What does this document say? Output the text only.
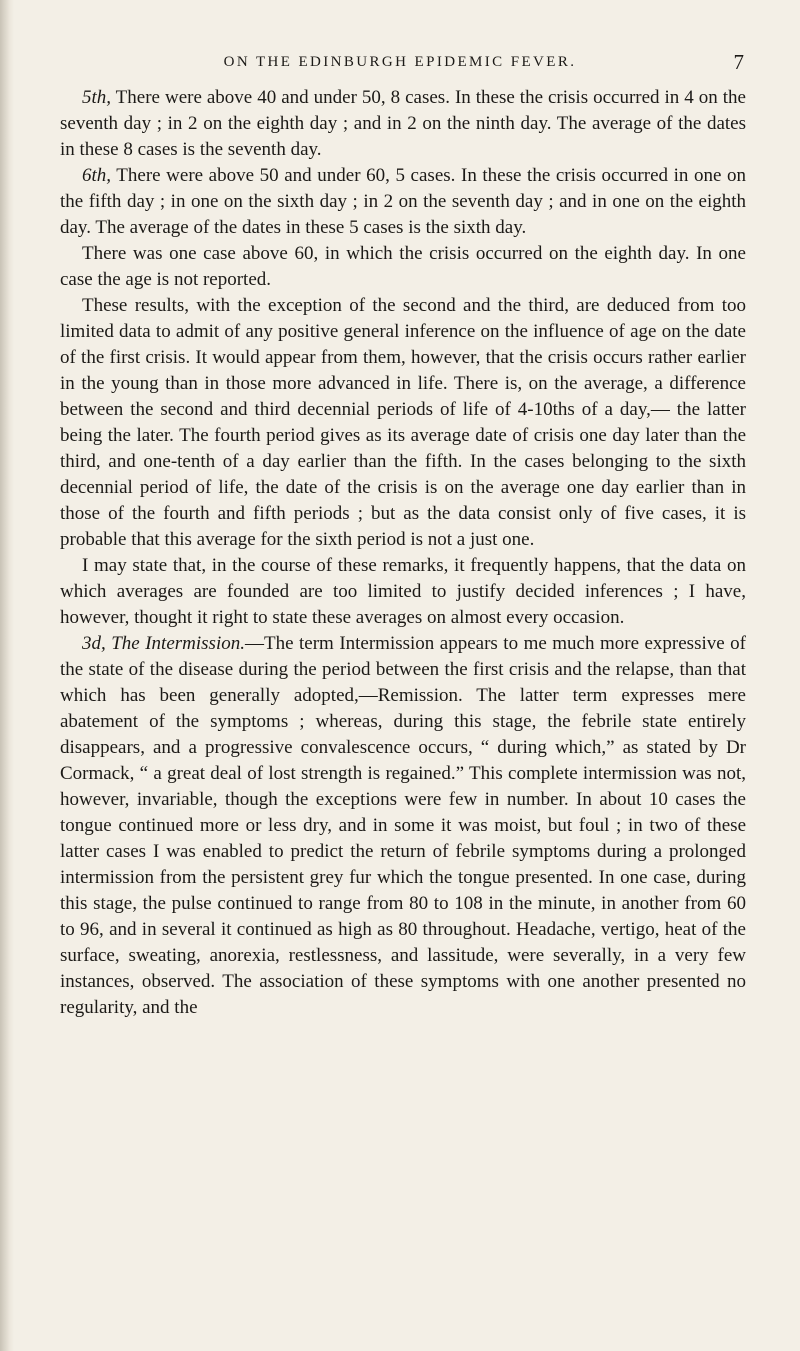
ON THE EDINBURGH EPIDEMIC FEVER.	7

5th, There were above 40 and under 50, 8 cases. In these the crisis occurred in 4 on the seventh day ; in 2 on the eighth day ; and in 2 on the ninth day. The average of the dates in these 8 cases is the seventh day.

6th, There were above 50 and under 60, 5 cases. In these the crisis occurred in one on the fifth day ; in one on the sixth day ; in 2 on the seventh day ; and in one on the eighth day. The average of the dates in these 5 cases is the sixth day.

There was one case above 60, in which the crisis occurred on the eighth day. In one case the age is not reported.

These results, with the exception of the second and the third, are deduced from too limited data to admit of any positive general inference on the influence of age on the date of the first crisis. It would appear from them, however, that the crisis occurs rather earlier in the young than in those more advanced in life. There is, on the average, a difference between the second and third decennial periods of life of 4-10ths of a day,— the latter being the later. The fourth period gives as its average date of crisis one day later than the third, and one-tenth of a day earlier than the fifth. In the cases belonging to the sixth decennial period of life, the date of the crisis is on the average one day earlier than in those of the fourth and fifth periods ; but as the data consist only of five cases, it is probable that this average for the sixth period is not a just one.

I may state that, in the course of these remarks, it frequently happens, that the data on which averages are founded are too limited to justify decided inferences ; I have, however, thought it right to state these averages on almost every occasion.

3d, The Intermission.—The term Intermission appears to me much more expressive of the state of the disease during the period between the first crisis and the relapse, than that which has been generally adopted,—Remission. The latter term expresses mere abatement of the symptoms ; whereas, during this stage, the febrile state entirely disappears, and a progressive convalescence occurs, “ during which,” as stated by Dr Cormack, “ a great deal of lost strength is regained.” This complete intermission was not, however, invariable, though the exceptions were few in number. In about 10 cases the tongue continued more or less dry, and in some it was moist, but foul ; in two of these latter cases I was enabled to predict the return of febrile symptoms during a prolonged intermission from the persistent grey fur which the tongue presented. In one case, during this stage, the pulse continued to range from 80 to 108 in the minute, in another from 60 to 96, and in several it continued as high as 80 throughout. Headache, vertigo, heat of the surface, sweating, anorexia, restlessness, and lassitude, were severally, in a very few instances, observed. The association of these symptoms with one another presented no regularity, and the
